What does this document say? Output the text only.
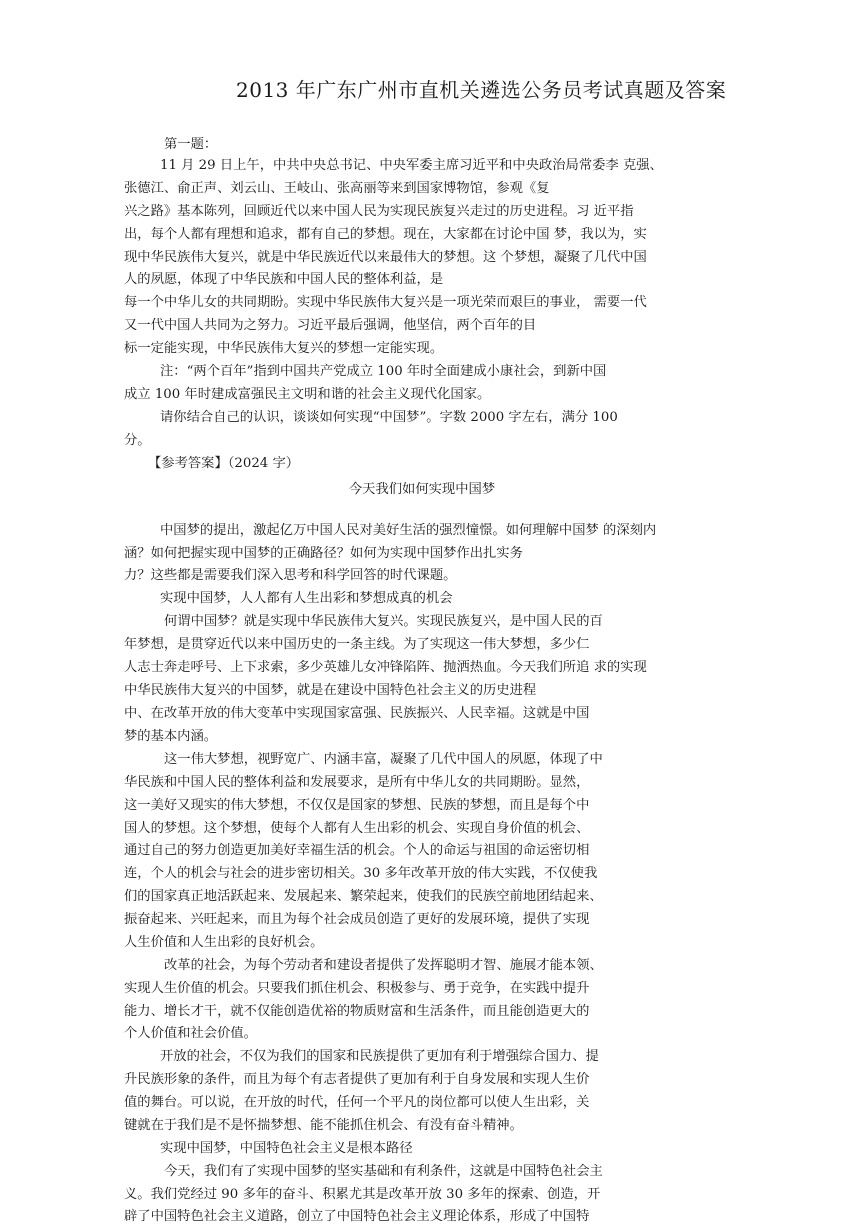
2013 年广东广州市直机关遴选公务员考试真题及答案
第一题：
11 月 29 日上午，中共中央总书记、中央军委主席习近平和中央政治局常委李 克强、
张德江、俞正声、刘云山、王岐山、张高丽等来到国家博物馆，参观《复
兴之路》基本陈列，回顾近代以来中国人民为实现民族复兴走过的历史进程。习 近平指
出，每个人都有理想和追求，都有自己的梦想。现在，大家都在讨论中国 梦，我以为，实
现中华民族伟大复兴，就是中华民族近代以来最伟大的梦想。这 个梦想，凝聚了几代中国
人的夙愿，体现了中华民族和中国人民的整体利益，是
每一个中华儿女的共同期盼。实现中华民族伟大复兴是一项光荣而艰巨的事业， 需要一代
又一代中国人共同为之努力。习近平最后强调，他坚信，两个百年的目
标一定能实现，中华民族伟大复兴的梦想一定能实现。
注：“两个百年”指到中国共产党成立 100 年时全面建成小康社会，到新中国
成立 100 年时建成富强民主文明和谐的社会主义现代化国家。
请你结合自己的认识，谈谈如何实现“中国梦”。字数 2000 字左右，满分 100
分。
【参考答案】（2024 字）
今天我们如何实现中国梦
中国梦的提出，激起亿万中国人民对美好生活的强烈憧憬。如何理解中国梦 的深刻内
涵？如何把握实现中国梦的正确路径？如何为实现中国梦作出扎实务
力？这些都是需要我们深入思考和科学回答的时代课题。
实现中国梦，人人都有人生出彩和梦想成真的机会
何谓中国梦？就是实现中华民族伟大复兴。实现民族复兴，是中国人民的百
年梦想，是贯穿近代以来中国历史的一条主线。为了实现这一伟大梦想，多少仁
人志士奔走呼号、上下求索，多少英雄儿女冲锋陷阵、抛洒热血。今天我们所追 求的实现
中华民族伟大复兴的中国梦，就是在建设中国特色社会主义的历史进程
中、在改革开放的伟大变革中实现国家富强、民族振兴、人民幸福。这就是中国
梦的基本内涵。
这一伟大梦想，视野宽广、内涵丰富，凝聚了几代中国人的夙愿，体现了中
华民族和中国人民的整体利益和发展要求，是所有中华儿女的共同期盼。显然，
这一美好又现实的伟大梦想，不仅仅是国家的梦想、民族的梦想，而且是每个中
国人的梦想。这个梦想，使每个人都有人生出彩的机会、实现自身价值的机会、
通过自己的努力创造更加美好幸福生活的机会。个人的命运与祖国的命运密切相
连，个人的机会与社会的进步密切相关。30 多年改革开放的伟大实践，不仅使我
们的国家真正地活跃起来、发展起来、繁荣起来，使我们的民族空前地团结起来、
振奋起来、兴旺起来，而且为每个社会成员创造了更好的发展环境，提供了实现
人生价值和人生出彩的良好机会。
改革的社会，为每个劳动者和建设者提供了发挥聪明才智、施展才能本领、
实现人生价值的机会。只要我们抓住机会、积极参与、勇于竞争，在实践中提升
能力、增长才干，就不仅能创造优裕的物质财富和生活条件，而且能创造更大的
个人价值和社会价值。
开放的社会，不仅为我们的国家和民族提供了更加有利于增强综合国力、提
升民族形象的条件，而且为每个有志者提供了更加有利于自身发展和实现人生价
值的舞台。可以说，在开放的时代，任何一个平凡的岗位都可以使人生出彩，关
键就在于我们是不是怀揣梦想、能不能抓住机会、有没有奋斗精神。
实现中国梦，中国特色社会主义是根本路径
今天，我们有了实现中国梦的坚实基础和有利条件，这就是中国特色社会主
义。我们党经过 90 多年的奋斗、积累尤其是改革开放 30 多年的探索、创造，开
辟了中国特色社会主义道路，创立了中国特色社会主义理论体系，形成了中国特
